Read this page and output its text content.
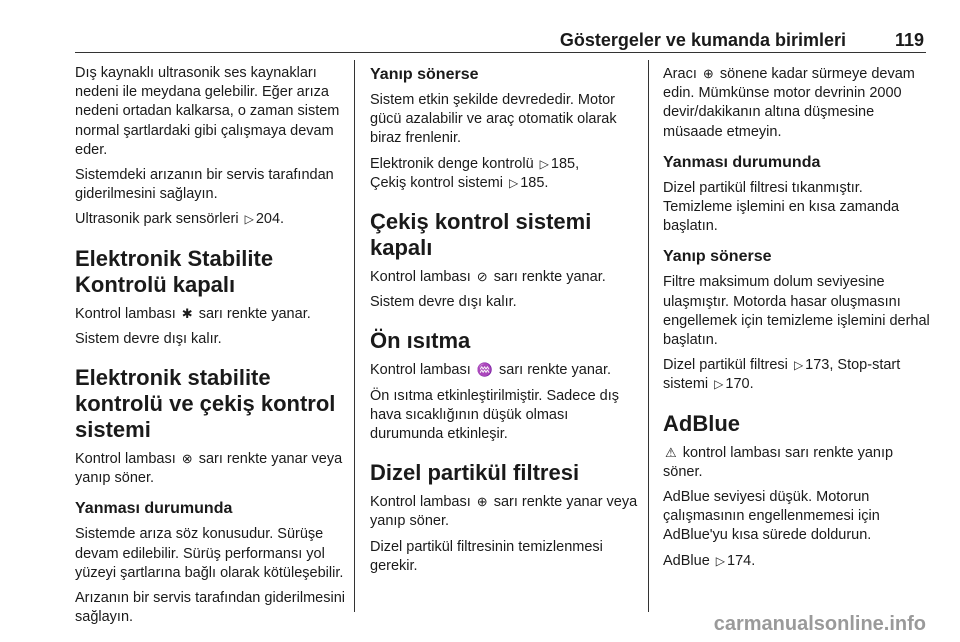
Göstergeler ve kumanda birimleri	119

Dış kaynaklı ultrasonik ses kaynakları nedeni ile meydana gelebilir. Eğer arıza nedeni ortadan kalkarsa, o zaman sistem normal şartlardaki gibi çalışmaya devam eder.

Sistemdeki arızanın bir servis tarafından giderilmesini sağlayın.

Ultrasonik park sensörleri ▷ 204.

Elektronik Stabilite Kontrolü kapalı

Kontrol lambası ✱ sarı renkte yanar.

Sistem devre dışı kalır.

Elektronik stabilite kontrolü ve çekiş kontrol sistemi

Kontrol lambası ⊗ sarı renkte yanar veya yanıp söner.

Yanması durumunda

Sistemde arıza söz konusudur. Sürüşe devam edilebilir. Sürüş performansı yol yüzeyi şartlarına bağlı olarak kötüleşebilir.

Arızanın bir servis tarafından giderilmesini sağlayın.

Yanıp sönerse

Sistem etkin şekilde devrededir. Motor gücü azalabilir ve araç otomatik olarak biraz frenlenir.

Elektronik denge kontrolü ▷ 185,
Çekiş kontrol sistemi ▷ 185.

Çekiş kontrol sistemi kapalı

Kontrol lambası ⊘ sarı renkte yanar.

Sistem devre dışı kalır.

Ön ısıtma

Kontrol lambası ♒ sarı renkte yanar.

Ön ısıtma etkinleştirilmiştir. Sadece dış hava sıcaklığının düşük olması durumunda etkinleşir.

Dizel partikül filtresi

Kontrol lambası ⊕ sarı renkte yanar veya yanıp söner.

Dizel partikül filtresinin temizlenmesi gerekir.

Aracı ⊕ sönene kadar sürmeye devam edin. Mümkünse motor devrinin 2000 devir/dakikanın altına düşmesine müsaade etmeyin.

Yanması durumunda

Dizel partikül filtresi tıkanmıştır. Temizleme işlemini en kısa zamanda başlatın.

Yanıp sönerse

Filtre maksimum dolum seviyesine ulaşmıştır. Motorda hasar oluşmasını engellemek için temizleme işlemini derhal başlatın.

Dizel partikül filtresi ▷ 173, Stop-start sistemi ▷ 170.

AdBlue

⚠ kontrol lambası sarı renkte yanıp söner.

AdBlue seviyesi düşük. Motorun çalışmasının engellenmemesi için AdBlue'yu kısa sürede doldurun.

AdBlue ▷ 174.

carmanualsonline.info
